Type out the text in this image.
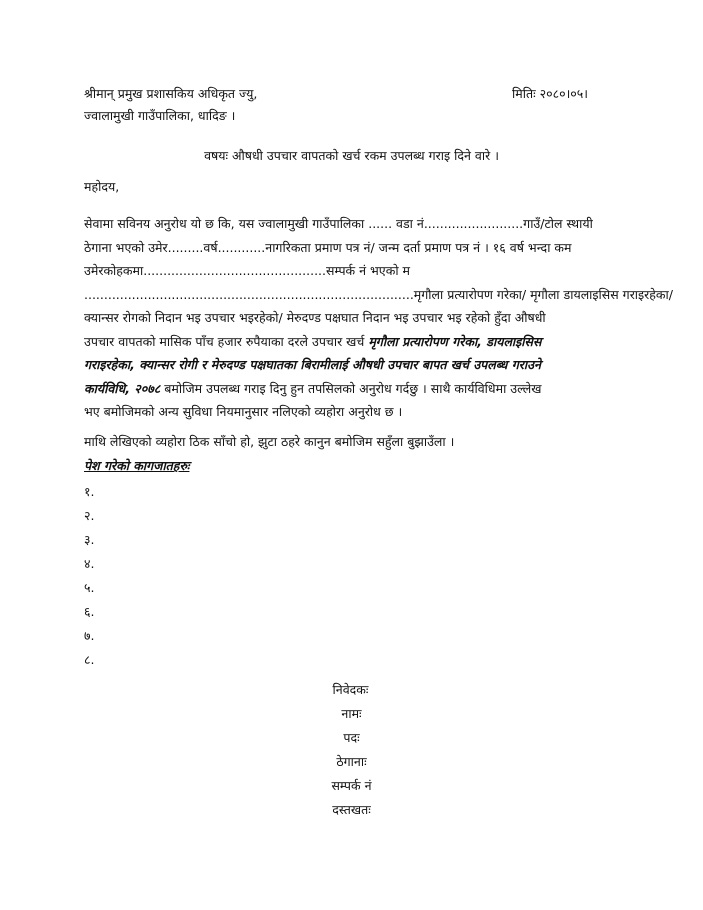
श्रीमान् प्रमुख प्रशासकिय अधिकृत ज्यु,
ज्वालामुखी गाउँपालिका, धादिङ ।
मितिः २०८०।०५।
वषयः औषधी उपचार वापतको खर्च रकम उपलब्ध गराइ दिने वारे ।
महोदय,
सेवामा सविनय अनुरोध यो छ कि, यस ज्वालामुखी गाउँपालिका ...... वडा नं.........................गाउँ/टोल स्थायी
ठेगाना भएको उमेर.........वर्ष............नागरिकता प्रमाण पत्र नं/ जन्म दर्ता प्रमाण पत्र नं । १६ वर्ष भन्दा कम
उमेरकोहकमा..............................................सम्पर्क नं भएको म
...................................................................................मृगौला प्रत्यारोपण गरेका/ मृगौला डायलाइसिस गराइरहेका/
क्यान्सर रोगको निदान भइ उपचार भइरहेको/ मेरुदण्ड पक्षघात निदान भइ उपचार भइ रहेको हुँदा औषधी
उपचार वापतको मासिक पाँच हजार रुपैयाका दरले उपचार खर्च मृगौला प्रत्यारोपण गरेका, डायलाइसिस
गराइरहेका, क्यान्सर रोगी र मेरुदण्ड पक्षघातका बिरामीलाई औषधी उपचार बापत खर्च उपलब्ध गराउने
कार्यविधि, २०७८ बमोजिम उपलब्ध गराइ दिनु हुन तपसिलको अनुरोध गर्दछु । साथै कार्यविधिमा उल्लेख
भए बमोजिमको अन्य सुविधा नियमानुसार नलिएको व्यहोरा अनुरोध छ ।
माथि लेखिएको व्यहोरा ठिक साँचो हो, झुटा ठहरे कानुन बमोजिम सहुँला बुझाउँला ।
पेश गरेको कागजातहरुः
१.
२.
३.
४.
५.
६.
७.
८.
निवेदकः
नामः
पदः
ठेगानाः
सम्पर्क नं
दस्तखतः
